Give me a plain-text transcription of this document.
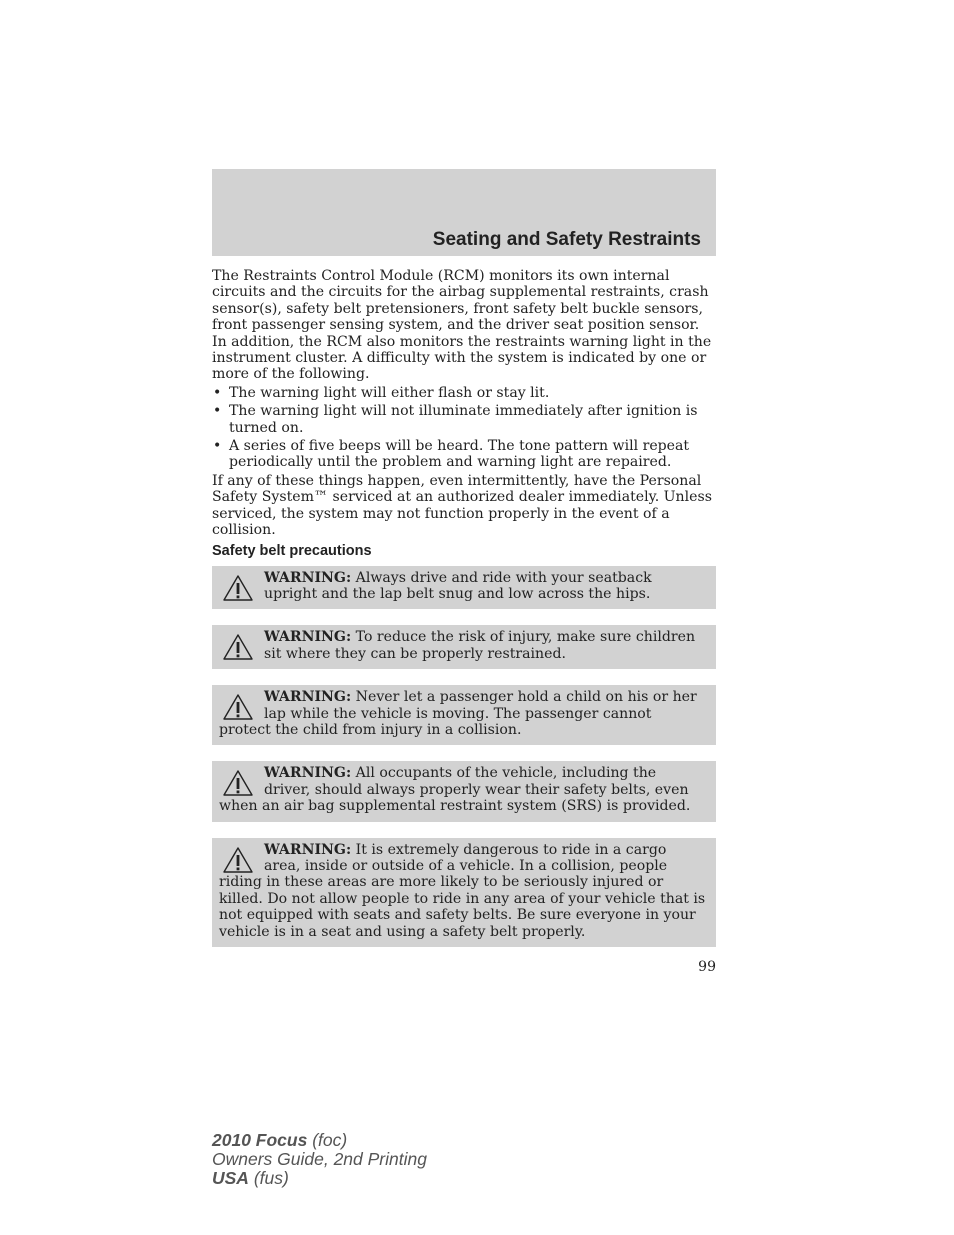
Seating and Safety Restraints

The Restraints Control Module (RCM) monitors its own internal circuits and the circuits for the airbag supplemental restraints, crash sensor(s), safety belt pretensioners, front safety belt buckle sensors, front passenger sensing system, and the driver seat position sensor. In addition, the RCM also monitors the restraints warning light in the instrument cluster. A difficulty with the system is indicated by one or more of the following.

• The warning light will either flash or stay lit.
• The warning light will not illuminate immediately after ignition is turned on.
• A series of five beeps will be heard. The tone pattern will repeat periodically until the problem and warning light are repaired.

If any of these things happen, even intermittently, have the Personal Safety System™ serviced at an authorized dealer immediately. Unless serviced, the system may not function properly in the event of a collision.

Safety belt precautions
WARNING: Always drive and ride with your seatback upright and the lap belt snug and low across the hips.
WARNING: To reduce the risk of injury, make sure children sit where they can be properly restrained.
WARNING: Never let a passenger hold a child on his or her lap while the vehicle is moving. The passenger cannot protect the child from injury in a collision.
WARNING: All occupants of the vehicle, including the driver, should always properly wear their safety belts, even when an air bag supplemental restraint system (SRS) is provided.
WARNING: It is extremely dangerous to ride in a cargo area, inside or outside of a vehicle. In a collision, people riding in these areas are more likely to be seriously injured or killed. Do not allow people to ride in any area of your vehicle that is not equipped with seats and safety belts. Be sure everyone in your vehicle is in a seat and using a safety belt properly.
99
2010 Focus (foc)
Owners Guide, 2nd Printing
USA (fus)
